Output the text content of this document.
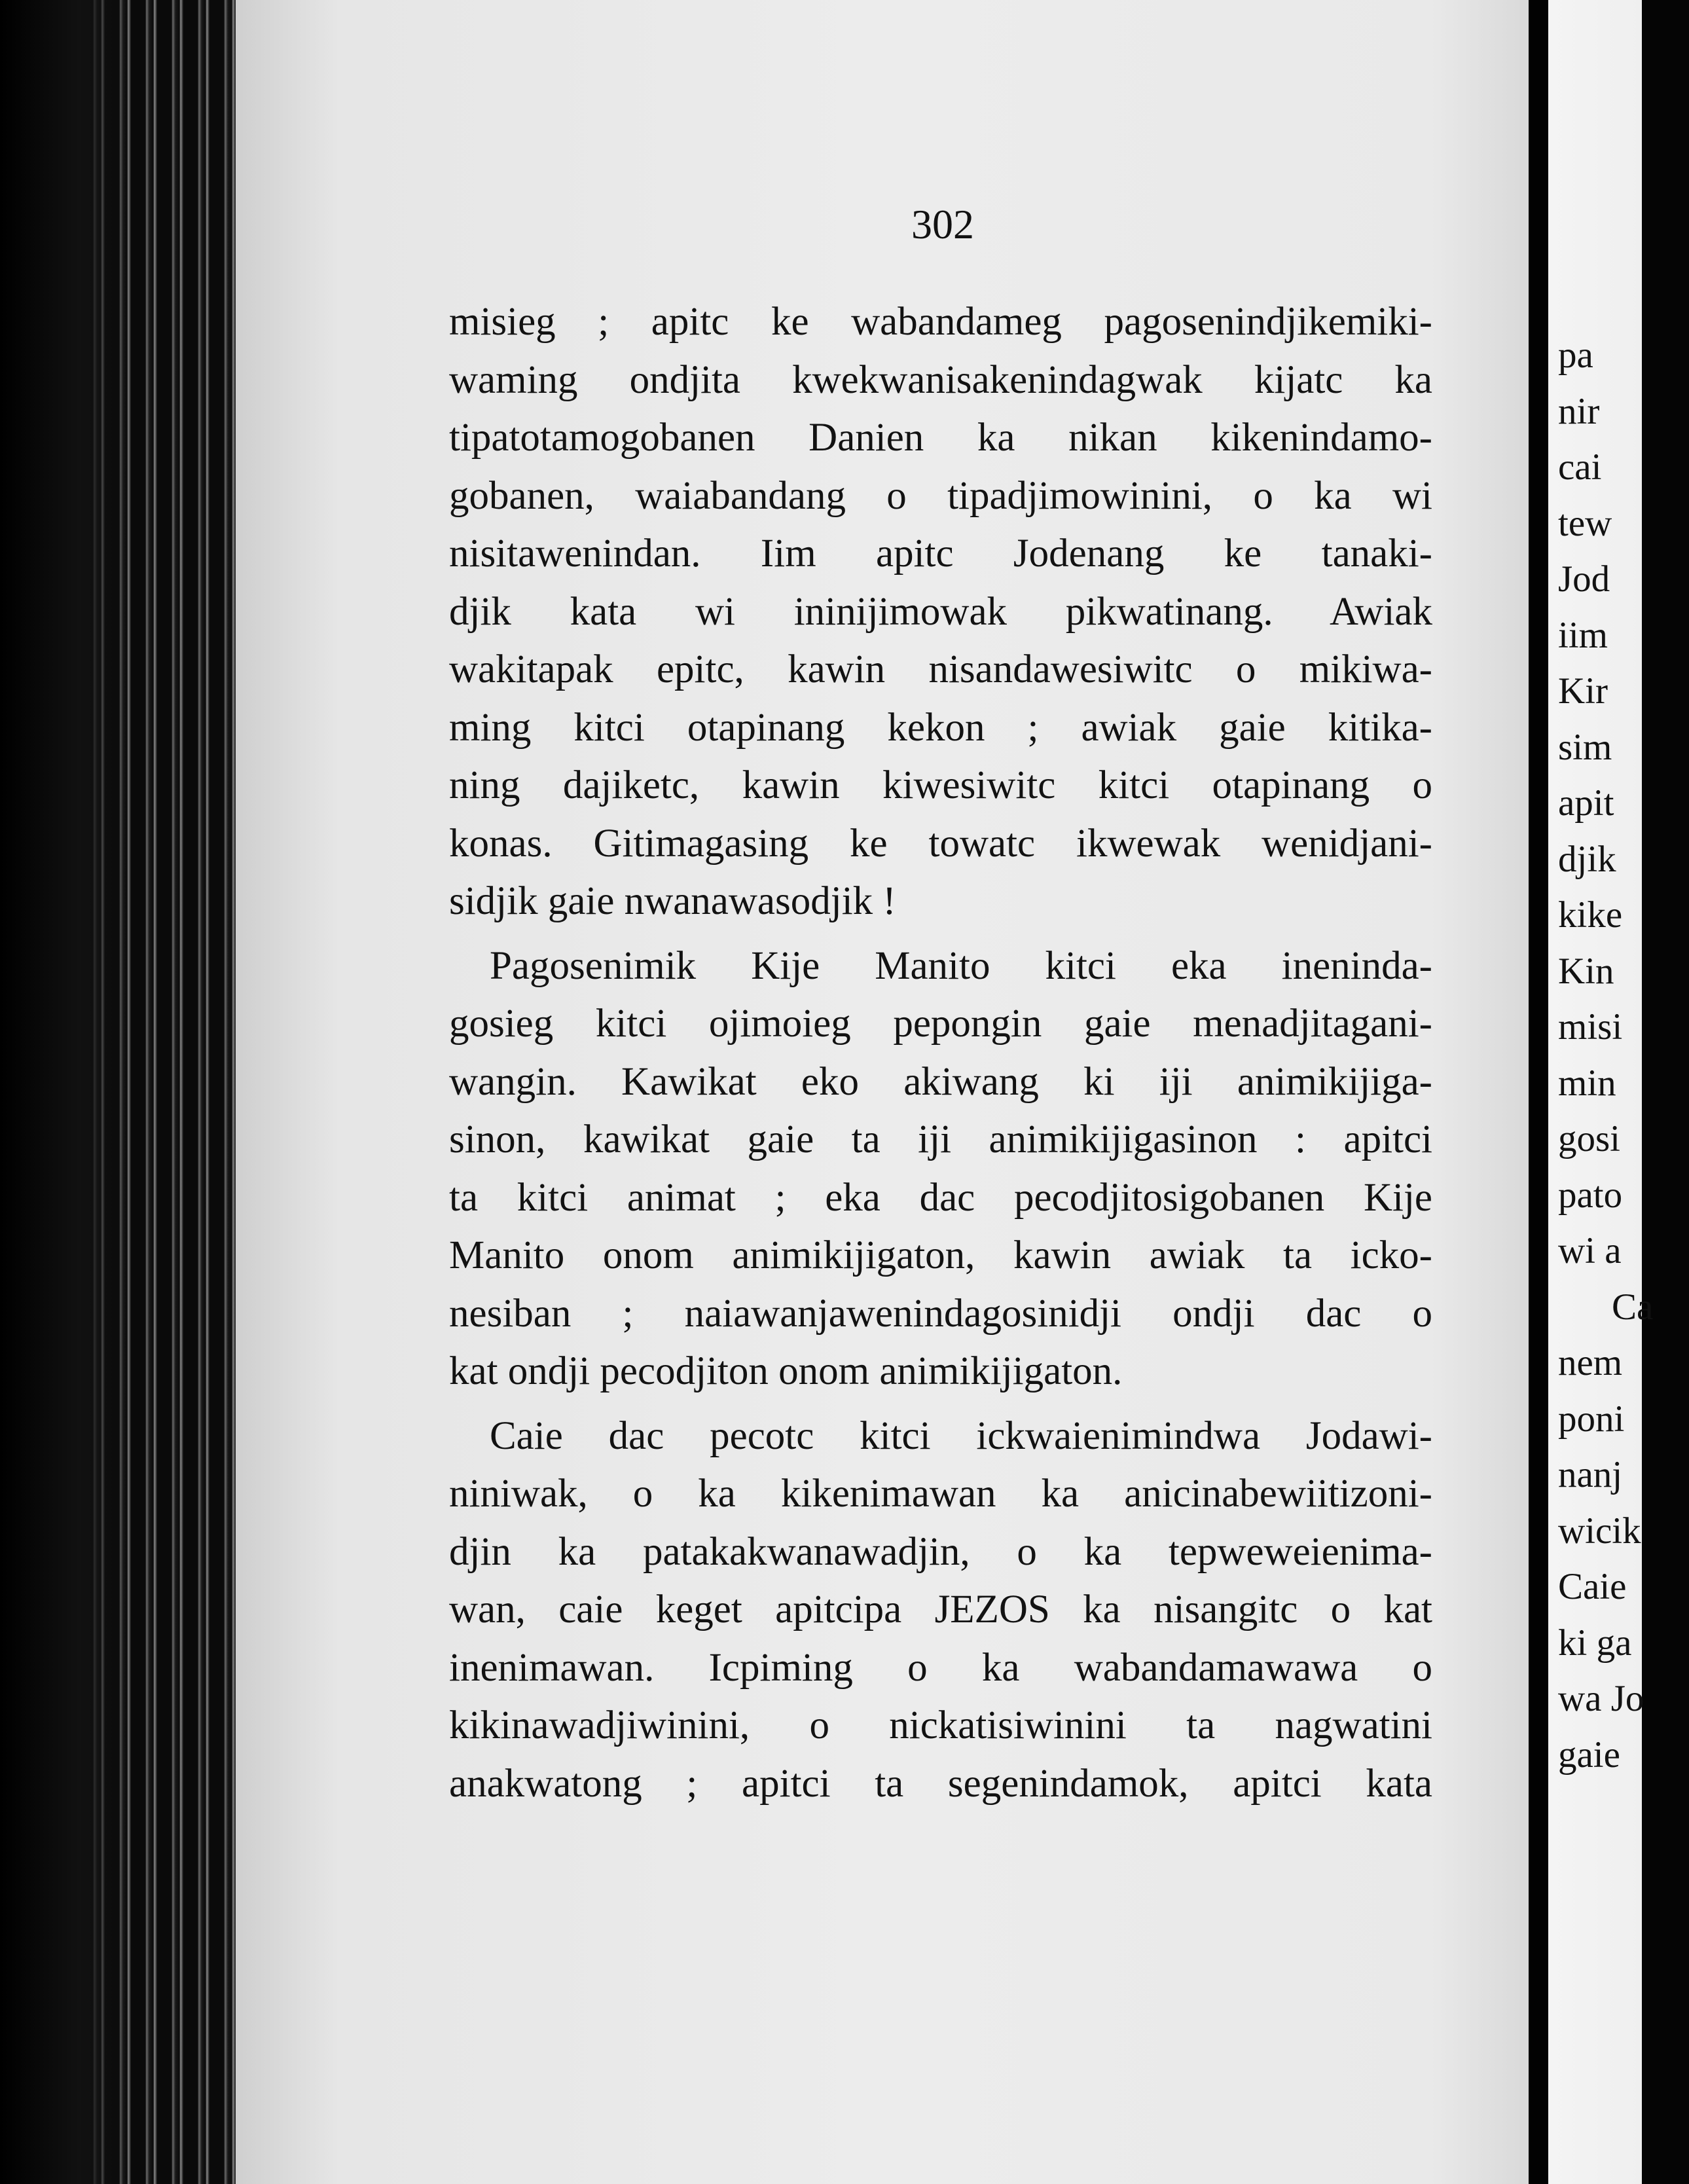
302
misieg ; apitc ke wabandameg pagosenindjikemiki-
waming ondjita kwekwanisakenindagwak kijatc ka
tipatotamogobanen Danien ka nikan kikenindamo-
gobanen, waiabandang o tipadjimowinini, o ka wi
nisitawenindan. Iim apitc Jodenang ke tanaki-
djik kata wi ininijimowak pikwatinang. Awiak
wakitapak epitc, kawin nisandawesiwitc o mikiwa-
ming kitci otapinang kekon ; awiak gaie kitika-
ning dajiketc, kawin kiwesiwitc kitci otapinang o
konas. Gitimagasing ke towatc ikwewak wenidjani-
sidjik gaie nwanawasodjik !
Pagosenimik Kije Manito kitci eka inenindа-
gosieg kitci ojimoieg pepongin gaie menadjitagani-
wangin. Kawikat eko akiwang ki iji animikijiga-
sinon, kawikat gaie ta iji animikijigasinon : apitci
ta kitci animat ; eka dac pecodjitosigobanen Kije
Manito onom animikijigaton, kawin awiak ta icko-
nesiban ; naiawanjawenindagosinidji ondji dac o
kat ondji pecodjiton onom animikijigaton.
Caie dac pecotc kitci ickwaienimindwa Jodawi-
niniwak, o ka kikenimawan ka anicinabewiitizoni-
djin ka patakakwanawadjin, o ka tepweweienima-
wan, caie keget apitcipa JEZOS ka nisangitc o kat
inenimawan. Icpiming o ka wabandamawawa o
kikinawadjiwinini, o nickatisiwinini ta nagwatini
anakwatong ; apitci ta segenindamok, apitci kata
pa
nir
cai
tew
Jod
iim
Kir
sim
apit
djik
kike
Kin
misi
min
gosi
pato
wi a
Ca
nem
poni
nanj
wicik
Caie
ki ga
wa Jo
gaie
